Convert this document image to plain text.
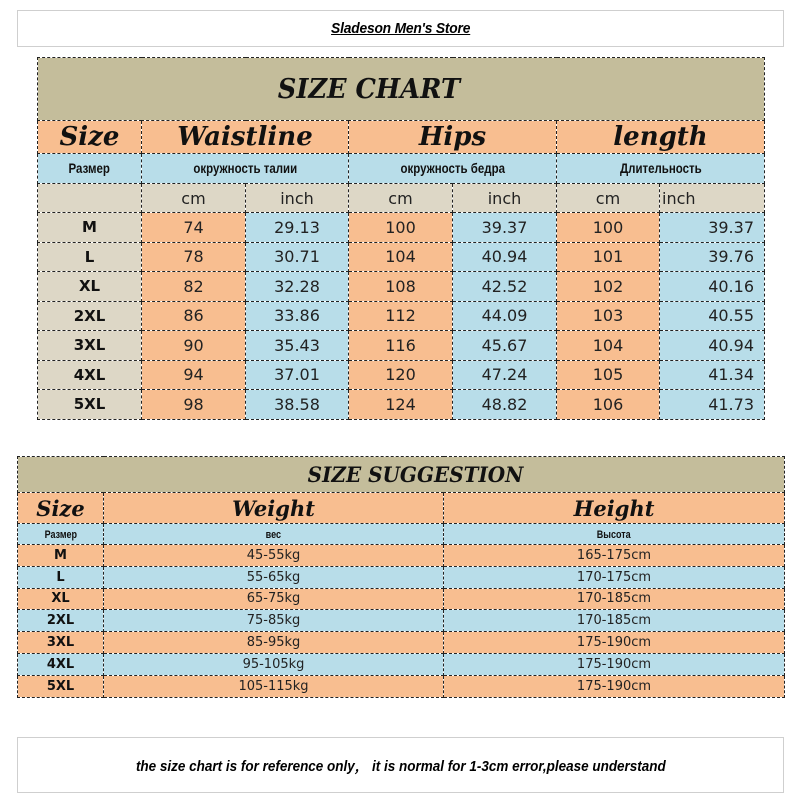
Sladeson Men's Store
SIZE CHART						
Size	Waistline		Hips		length	
Размер	окружность талии		окружность бедра		Длительность	
	cm	inch	cm	inch	cm	inch
M	74	29.13	100	39.37	100	39.37
L	78	30.71	104	40.94	101	39.76
XL	82	32.28	108	42.52	102	40.16
2XL	86	33.86	112	44.09	103	40.55
3XL	90	35.43	116	45.67	104	40.94
4XL	94	37.01	120	47.24	105	41.34
5XL	98	38.58	124	48.82	106	41.73
SIZE SUGGESTION		
Size	Weight	Height
Размер	вес	Высота
M	45-55kg	165-175cm
L	55-65kg	170-175cm
XL	65-75kg	170-185cm
2XL	75-85kg	170-185cm
3XL	85-95kg	175-190cm
4XL	95-105kg	175-190cm
5XL	105-115kg	175-190cm
the size chart is for reference only， it is normal for 1-3cm error,please understand
